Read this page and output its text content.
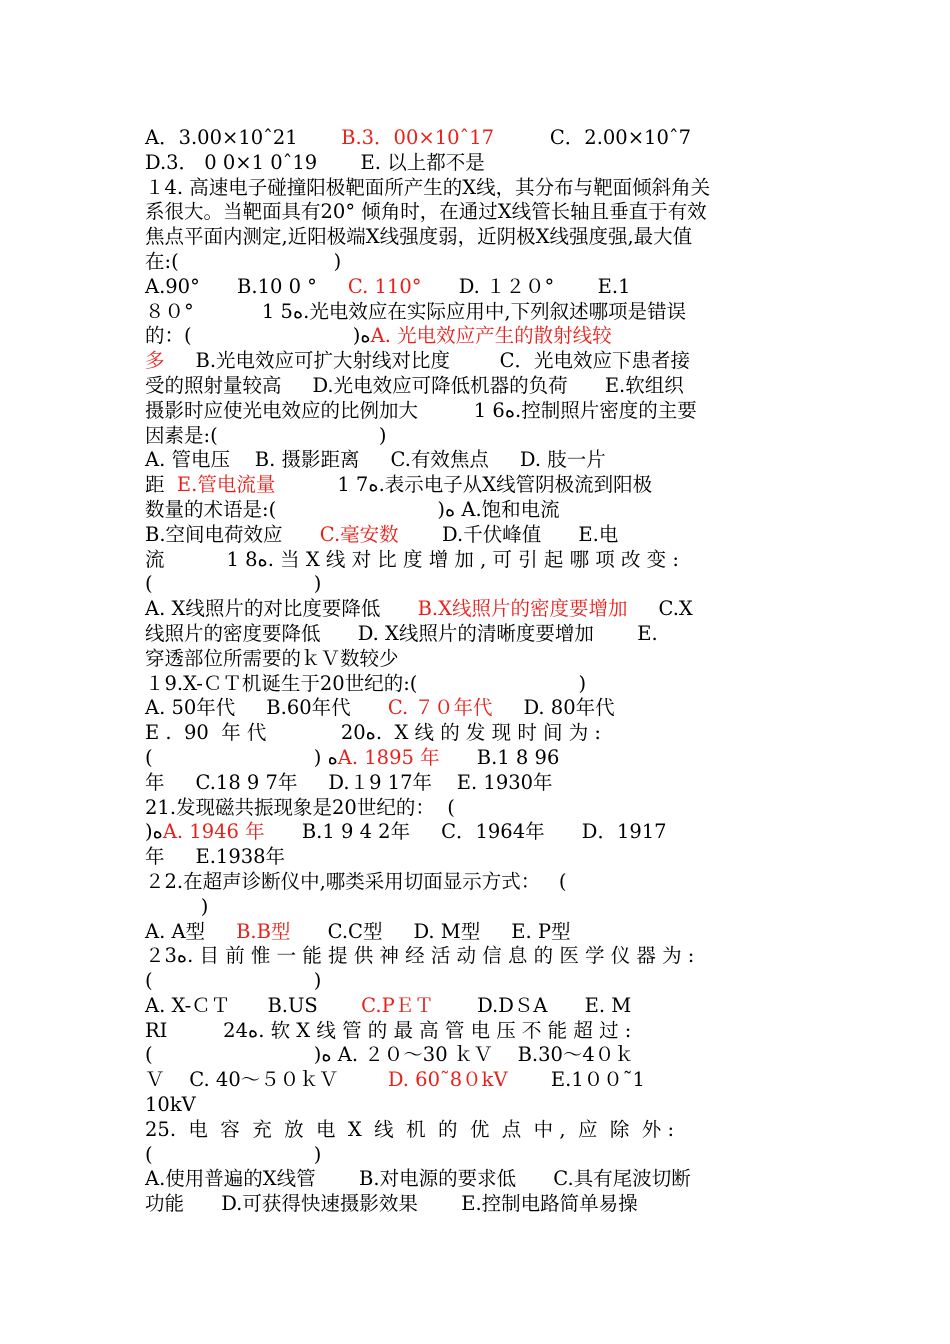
A．3.00×10ˆ21       B.3．00×10ˆ17         C．2.00×10ˆ7
D.3． 0 0×1 0ˆ19       E. 以上都不是
１4. 高速电子碰撞阳极靶面所产生的X线，其分布与靶面倾斜角关
系很大。当靶面具有20° 倾角时，在通过X线管长轴且垂直于有效
焦点平面内测定,近阳极端X线强度弱，近阴极X线强度强,最大值
在:(                         )
A.90°      B.10 0 °     C. 110°      D. １２０°       E.1
８０°           1 5ه.光电效应在实际应用中,下列叙述哪项是错误
的：(                          )هA. 光电效应产生的散射线较
多     B.光电效应可扩大射线对比度        C．光电效应下患者接
受的照射量较高     D.光电效应可降低机器的负荷      E.软组织
摄影时应使光电效应的比例加大         1 6ه.控制照片密度的主要
因素是:(                          )
A. 管电压    B. 摄影距离     C.有效焦点     D. 肢一片
距  E.管电流量          1 7ه.表示电子从X线管阴极流到阳极
数量的术语是:(                          )ه A.饱和电流
B.空间电荷效应      C.毫安数       D.千伏峰值      E.电
流          1 8ه. 当 X 线 对 比 度 增 加 , 可 引 起 哪 项 改 变 :
(                          )
A. X线照片的对比度要降低      B.X线照片的密度要增加     C.X
线照片的密度要降低      D. X线照片的清晰度要增加       E.
穿透部位所需要的ｋＶ数较少
１9.X-ＣＴ机诞生于20世纪的:(                          )
A. 50年代     B.60年代      C. ７０年代     D. 80年代
E .  90  年 代            20ه.  X 线 的 发 现 时 间 为 :
(                          ) هA. 1895 年      B.1 8 96
年     C.18 9 7年     D.１9 17年    E. 1930年
21.发现磁共振现象是20世纪的：  (
)هA. 1946 年      B.1 9 4 2年     C．1964年      D．1917
年     E.1938年
２2.在超声诊断仪中,哪类采用切面显示方式：   (
)
A. A型     B.B型      C.C型     D. M型     E. P型
２3ه. 目 前 惟 一 能 提 供 神 经 活 动 信 息 的 医 学 仪 器 为 :
(                          )
A. X-ＣＴ      B.US       C.PＥＴ       D.DＳA      E. M
RI         24ه. 软 X 线 管 的 最 高 管 电 压 不 能 超 过 :
(                          )ه A. ２０～30 ｋＶ    B.30～4０ｋ
Ｖ    C. 40～５０ｋＶ        D. 60˜8０kV       E.1００˜1
10kV
25.  电  容  充  放  电  X  线  机  的  优  点  中 ,  应  除  外 :
(                          )
A.使用普遍的X线管       B.对电源的要求低      C.具有尾波切断
功能      D.可获得快速摄影效果       E.控制电路简单易操
